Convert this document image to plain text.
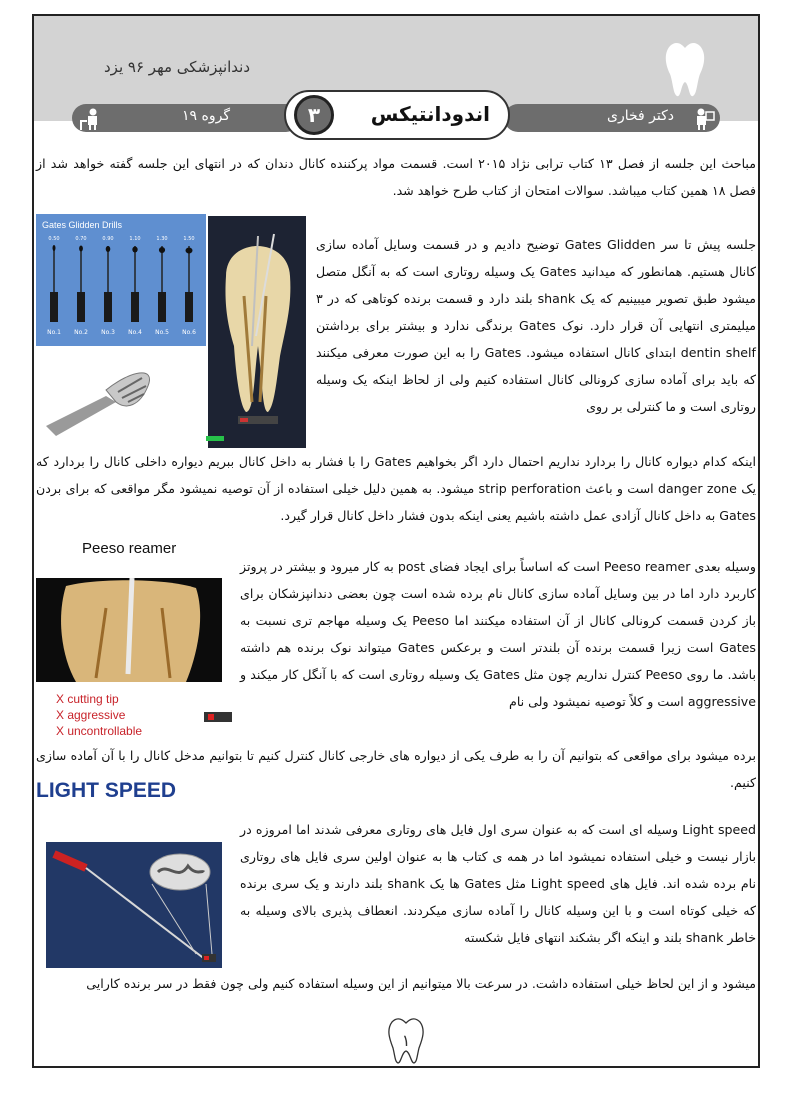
دندانپزشکی مهر ۹۶ یزد
گروه ۱۹	دکتر فخاری
۳	اندودانتیکس

مباحث این جلسه از فصل ۱۳ کتاب ترابی نژاد ۲۰۱۵ است. قسمت مواد پرکننده کانال دندان که در انتهای این جلسه گفته خواهد شد از فصل ۱۸ همین کتاب میباشد. سوالات امتحان از کتاب طرح خواهد شد.

Gates Glidden Drills
0.50
No.1
0.70
No.2
0.90
No.3
1.10
No.4
1.30
No.5
1.50
No.6

جلسه پیش تا سر Gates Glidden توضیح دادیم و در قسمت وسایل آماده سازی کانال هستیم. همانطور که میدانید Gates یک وسیله روتاری است که به آنگل متصل میشود طبق تصویر میبینیم که یک shank بلند دارد و قسمت برنده کوتاهی که در ۳ میلیمتری انتهایی آن قرار دارد. نوک Gates برندگی ندارد و بیشتر برای برداشتن dentin shelf ابتدای کانال استفاده میشود. Gates را به این صورت معرفی میکنند که باید برای آماده سازی کرونالی کانال استفاده کنیم ولی از لحاظ اینکه یک وسیله روتاری است و ما کنترلی بر روی

اینکه کدام دیواره کانال را بردارد نداریم احتمال دارد اگر بخواهیم Gates را با فشار به داخل کانال ببریم دیواره داخلی کانال را بردارد که یک danger zone است و باعث strip perforation میشود. به همین دلیل خیلی استفاده از آن توصیه نمیشود مگر مواقعی که برای بردن Gates به داخل کانال آزادی عمل داشته باشیم یعنی اینکه بدون فشار داخل کانال قرار گیرد.

Peeso reamer
X cutting tip
X aggressive
X uncontrollable

وسیله بعدی Peeso reamer است که اساساً برای ایجاد فضای post به کار میرود و بیشتر در پروتز کاربرد دارد اما در بین وسایل آماده سازی کانال نام برده شده است چون بعضی دندانپزشکان برای باز کردن قسمت کرونالی کانال از آن استفاده میکنند اما Peeso یک وسیله مهاجم تری نسبت به Gates است زیرا قسمت برنده آن بلندتر است و برعکس Gates میتواند نوک برنده هم داشته باشد. ما روی Peeso کنترل نداریم چون مثل Gates یک وسیله روتاری است که با آنگل کار میکند و aggressive است و کلاً توصیه نمیشود ولی نام

برده میشود برای مواقعی که بتوانیم آن را به طرف یکی از دیواره های خارجی کانال کنترل کنیم تا بتوانیم مدخل کانال را با آن آماده سازی کنیم.

LIGHT SPEED

Light speed وسیله ای است که به عنوان سری اول فایل های روتاری معرفی شدند اما امروزه در بازار نیست و خیلی استفاده نمیشود اما در همه ی کتاب ها به عنوان اولین سری فایل های روتاری نام برده شده اند. فایل های Light speed مثل Gates ها یک shank بلند دارند و یک سری برنده که خیلی کوتاه است و با این وسیله کانال را آماده سازی میکردند. انعطاف پذیری بالای وسیله به خاطر shank بلند و اینکه اگر بشکند انتهای فایل شکسته

میشود و از این لحاظ خیلی استفاده داشت. در سرعت بالا میتوانیم از این وسیله استفاده کنیم ولی چون فقط در سر برنده کارایی

۱
